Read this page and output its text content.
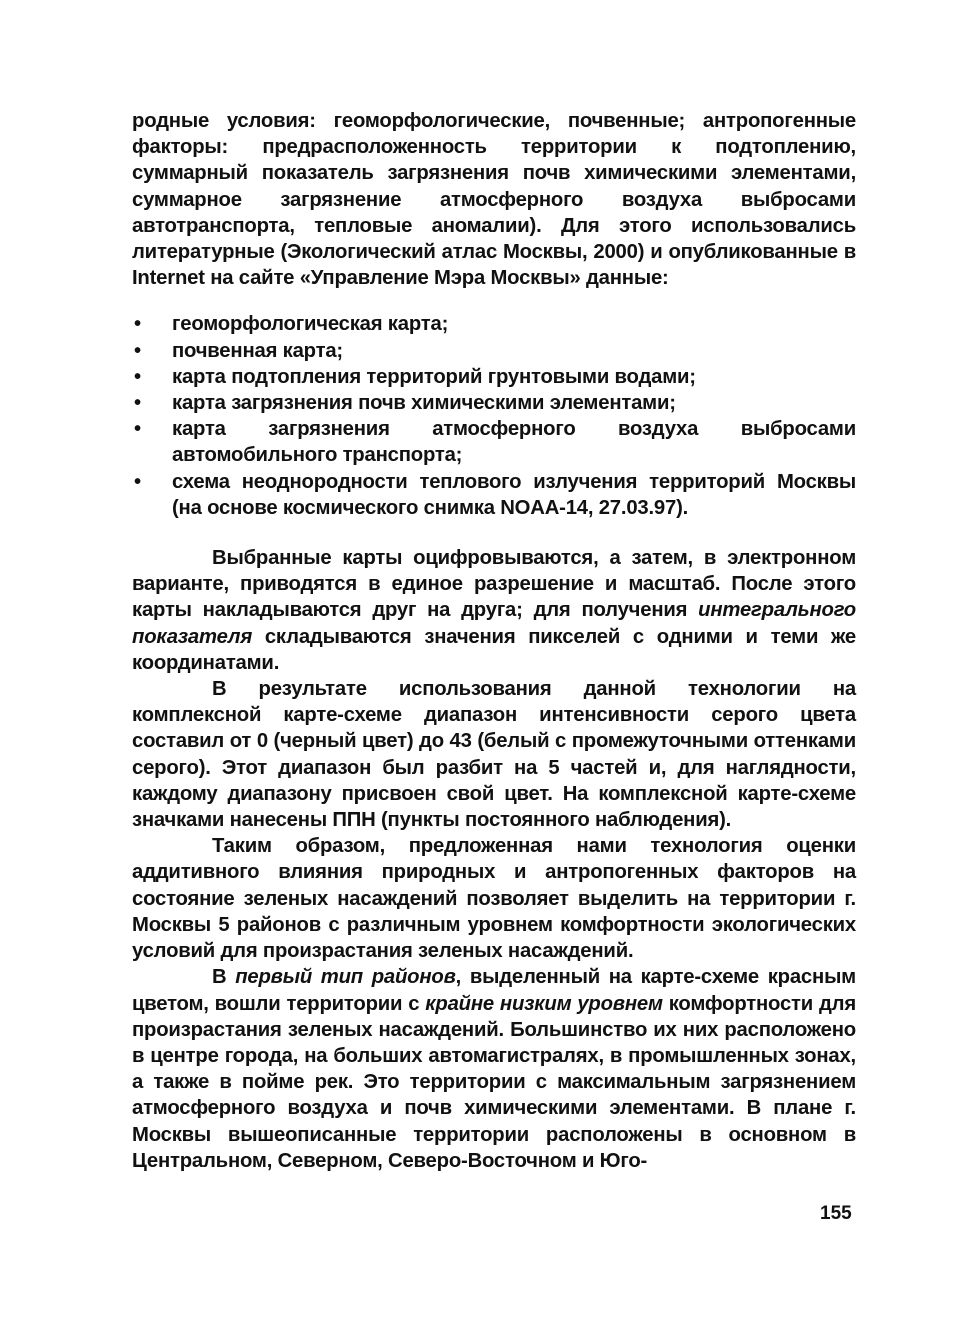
родные условия: геоморфологические, почвенные; антропогенные факторы: предрасположенность территории к подтоплению, суммарный показатель загрязнения почв химическими элементами, суммарное загрязнение атмосферного воздуха выбросами автотранспорта, тепловые аномалии). Для этого использовались литературные (Экологический атлас Москвы, 2000) и опубликованные в Internet на сайте «Управление Мэра Москвы» данные:

• геоморфологическая карта;
• почвенная карта;
• карта подтопления территорий грунтовыми водами;
• карта загрязнения почв химическими элементами;
• карта загрязнения атмосферного воздуха выбросами автомобильного транспорта;
• схема неоднородности теплового излучения территорий Москвы (на основе космического снимка NOAA-14, 27.03.97).

Выбранные карты оцифровываются, а затем, в электронном варианте, приводятся в единое разрешение и масштаб. После этого карты накладываются друг на друга; для получения интегрального показателя складываются значения пикселей с одними и теми же координатами.

В результате использования данной технологии на комплексной карте-схеме диапазон интенсивности серого цвета составил от 0 (черный цвет) до 43 (белый с промежуточными оттенками серого). Этот диапазон был разбит на 5 частей и, для наглядности, каждому диапазону присвоен свой цвет. На комплексной карте-схеме значками нанесены ППН (пункты постоянного наблюдения).

Таким образом, предложенная нами технология оценки аддитивного влияния природных и антропогенных факторов на состояние зеленых насаждений позволяет выделить на территории г. Москвы 5 районов с различным уровнем комфортности экологических условий для произрастания зеленых насаждений.

В первый тип районов, выделенный на карте-схеме красным цветом, вошли территории с крайне низким уровнем комфортности для произрастания зеленых насаждений. Большинство их них расположено в центре города, на больших автомагистралях, в промышленных зонах, а также в пойме рек. Это территории с максимальным загрязнением атмосферного воздуха и почв химическими элементами. В плане г. Москвы вышеописанные территории расположены в основном в Центральном, Северном, Северо-Восточном и Юго-

155
